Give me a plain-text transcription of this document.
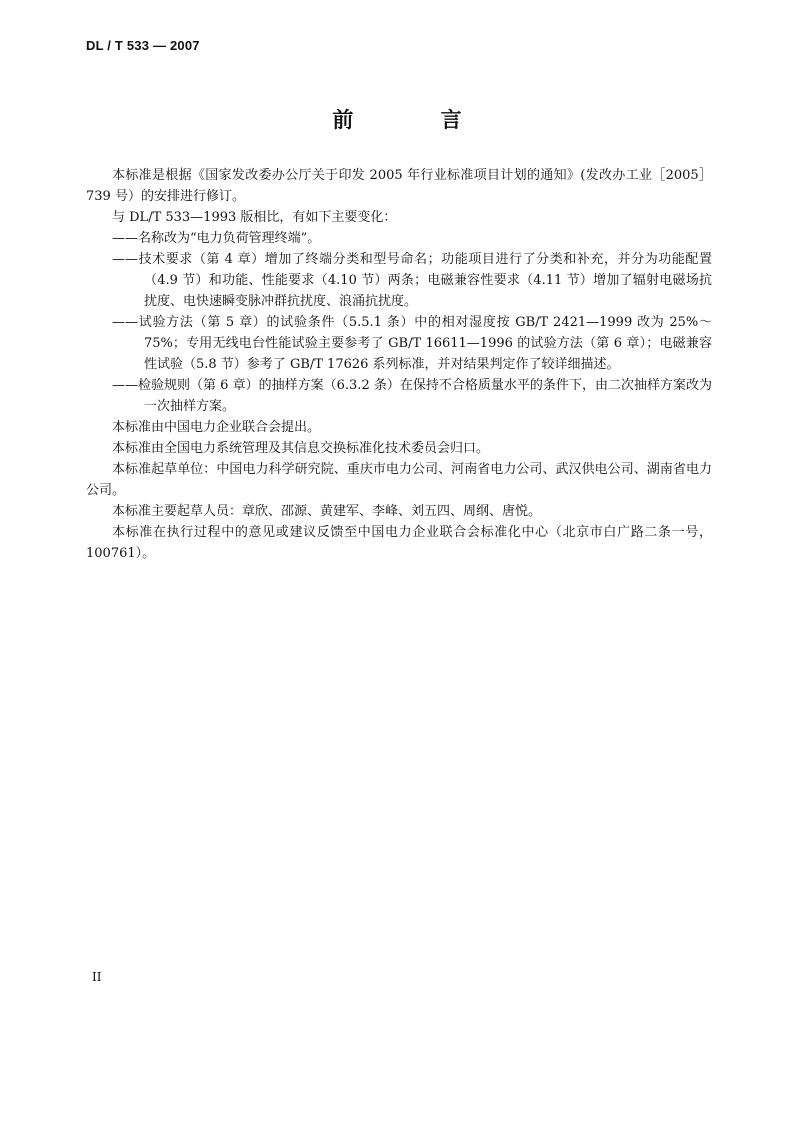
DL / T 533 — 2007
前 言

本标准是根据《国家发改委办公厅关于印发 2005 年行业标准项目计划的通知》(发改办工业［2005］739 号）的安排进行修订。

与 DL/T 533—1993 版相比，有如下主要变化：

——名称改为“电力负荷管理终端”。

——技术要求（第 4 章）增加了终端分类和型号命名；功能项目进行了分类和补充，并分为功能配置（4.9 节）和功能、性能要求（4.10 节）两条；电磁兼容性要求（4.11 节）增加了辐射电磁场抗扰度、电快速瞬变脉冲群抗扰度、浪涌抗扰度。

——试验方法（第 5 章）的试验条件（5.5.1 条）中的相对湿度按 GB/T 2421—1999 改为 25%～75%；专用无线电台性能试验主要参考了 GB/T 16611—1996 的试验方法（第 6 章）；电磁兼容性试验（5.8 节）参考了 GB/T 17626 系列标准，并对结果判定作了较详细描述。

——检验规则（第 6 章）的抽样方案（6.3.2 条）在保持不合格质量水平的条件下，由二次抽样方案改为一次抽样方案。

本标准由中国电力企业联合会提出。

本标准由全国电力系统管理及其信息交换标准化技术委员会归口。

本标准起草单位：中国电力科学研究院、重庆市电力公司、河南省电力公司、武汉供电公司、湖南省电力公司。

本标准主要起草人员：章欣、邵源、黄建军、李峰、刘五四、周纲、唐悦。

本标准在执行过程中的意见或建议反馈至中国电力企业联合会标准化中心（北京市白广路二条一号，100761）。

II
